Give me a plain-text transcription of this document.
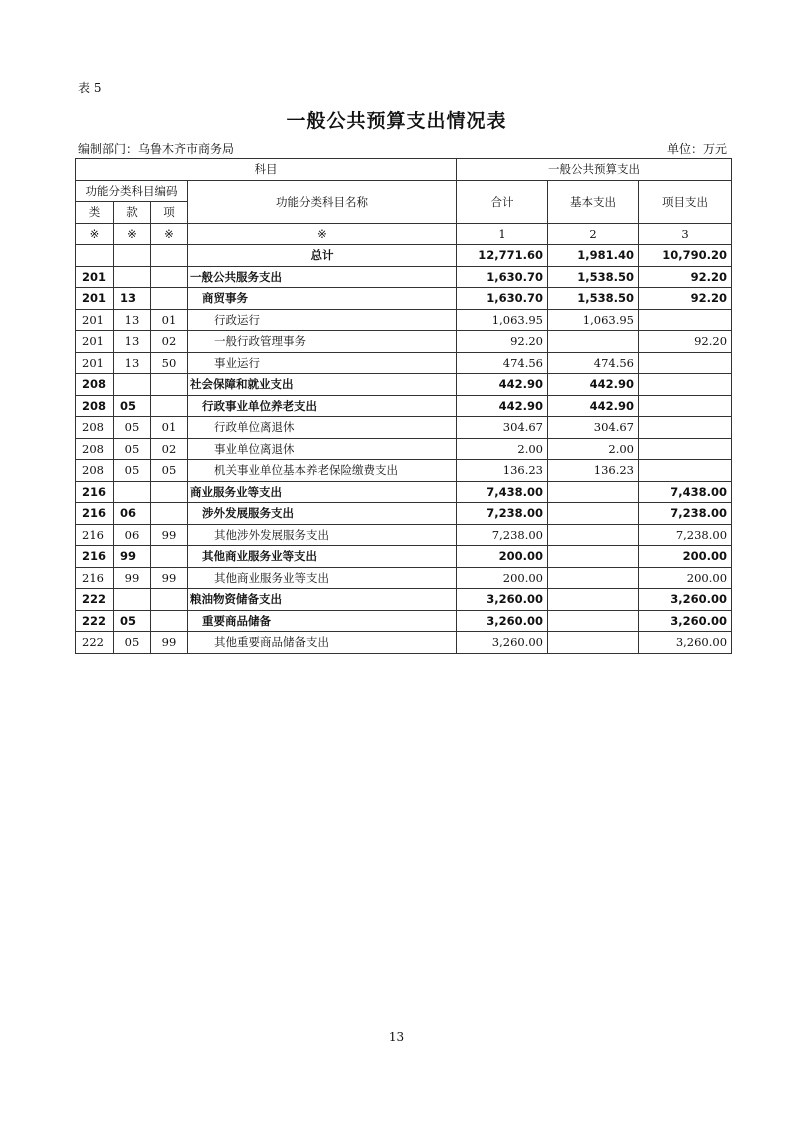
表 5
一般公共预算支出情况表
编制部门：乌鲁木齐市商务局	单位：万元
科目				一般公共预算支出		
功能分类科目编码			功能分类科目名称	合计	基本支出	项目支出
类	款	项				
※	※	※	※	1	2	3
			总计	12,771.60	1,981.40	10,790.20
201			一般公共服务支出	1,630.70	1,538.50	92.20
201	13		商贸事务	1,630.70	1,538.50	92.20
201	13	01	行政运行	1,063.95	1,063.95	
201	13	02	一般行政管理事务	92.20		92.20
201	13	50	事业运行	474.56	474.56	
208			社会保障和就业支出	442.90	442.90	
208	05		行政事业单位养老支出	442.90	442.90	
208	05	01	行政单位离退休	304.67	304.67	
208	05	02	事业单位离退休	2.00	2.00	
208	05	05	机关事业单位基本养老保险缴费支出	136.23	136.23	
216			商业服务业等支出	7,438.00		7,438.00
216	06		涉外发展服务支出	7,238.00		7,238.00
216	06	99	其他涉外发展服务支出	7,238.00		7,238.00
216	99		其他商业服务业等支出	200.00		200.00
216	99	99	其他商业服务业等支出	200.00		200.00
222			粮油物资储备支出	3,260.00		3,260.00
222	05		重要商品储备	3,260.00		3,260.00
222	05	99	其他重要商品储备支出	3,260.00		3,260.00
13
